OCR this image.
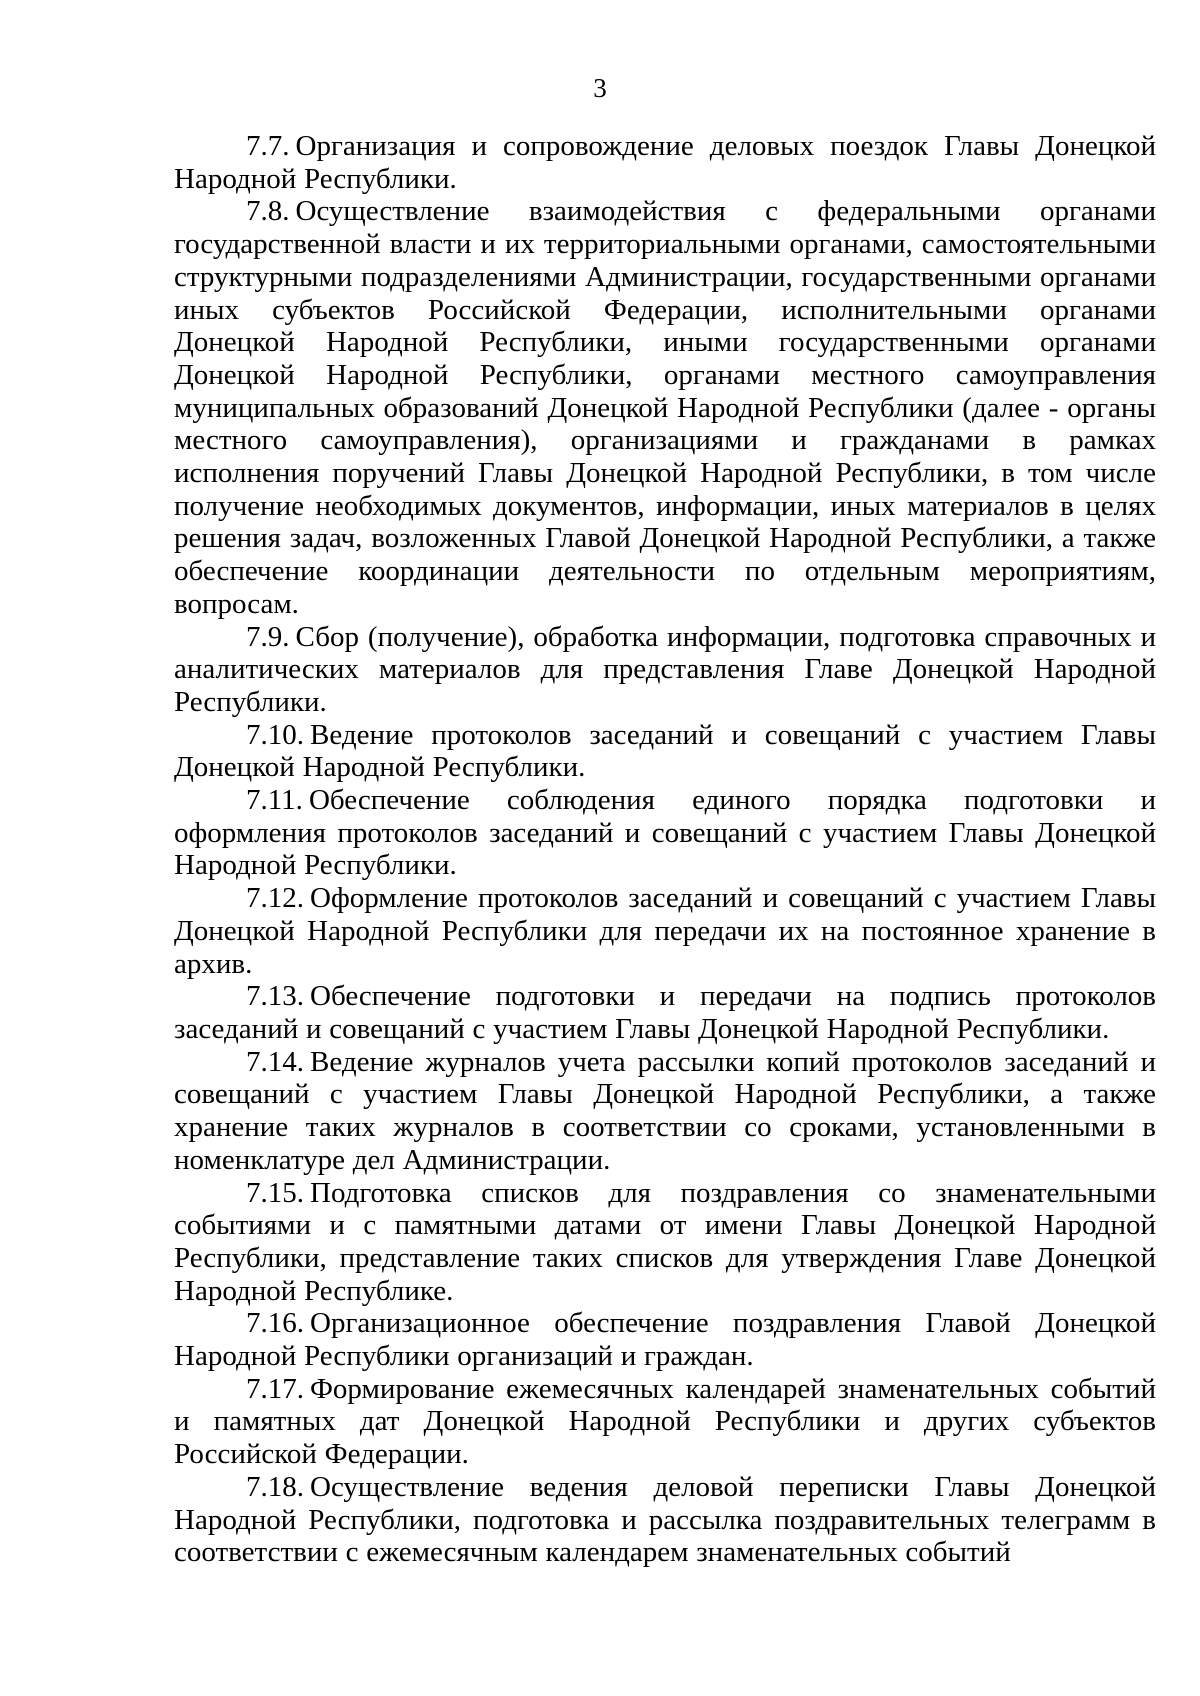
3

7.7. Организация и сопровождение деловых поездок Главы Донецкой Народной Республики.

7.8. Осуществление взаимодействия с федеральными органами государственной власти и их территориальными органами, самостоятельными структурными подразделениями Администрации, государственными органами иных субъектов Российской Федерации, исполнительными органами Донецкой Народной Республики, иными государственными органами Донецкой Народной Республики, органами местного самоуправления муниципальных образований Донецкой Народной Республики (далее - органы местного самоуправления), организациями и гражданами в рамках исполнения поручений Главы Донецкой Народной Республики, в том числе получение необходимых документов, информации, иных материалов в целях решения задач, возложенных Главой Донецкой Народной Республики, а также обеспечение координации деятельности по отдельным мероприятиям, вопросам.

7.9. Сбор (получение), обработка информации, подготовка справочных и аналитических материалов для представления Главе Донецкой Народной Республики.

7.10. Ведение протоколов заседаний и совещаний с участием Главы Донецкой Народной Республики.

7.11. Обеспечение соблюдения единого порядка подготовки и оформления протоколов заседаний и совещаний с участием Главы Донецкой Народной Республики.

7.12. Оформление протоколов заседаний и совещаний с участием Главы Донецкой Народной Республики для передачи их на постоянное хранение в архив.

7.13. Обеспечение подготовки и передачи на подпись протоколов заседаний и совещаний с участием Главы Донецкой Народной Республики.

7.14. Ведение журналов учета рассылки копий протоколов заседаний и совещаний с участием Главы Донецкой Народной Республики, а также хранение таких журналов в соответствии со сроками, установленными в номенклатуре дел Администрации.

7.15. Подготовка списков для поздравления со знаменательными событиями и с памятными датами от имени Главы Донецкой Народной Республики, представление таких списков для утверждения Главе Донецкой Народной Республике.

7.16. Организационное обеспечение поздравления Главой Донецкой Народной Республики организаций и граждан.

7.17. Формирование ежемесячных календарей знаменательных событий и памятных дат Донецкой Народной Республики и других субъектов Российской Федерации.

7.18. Осуществление ведения деловой переписки Главы Донецкой Народной Республики, подготовка и рассылка поздравительных телеграмм в соответствии с ежемесячным календарем знаменательных событий
